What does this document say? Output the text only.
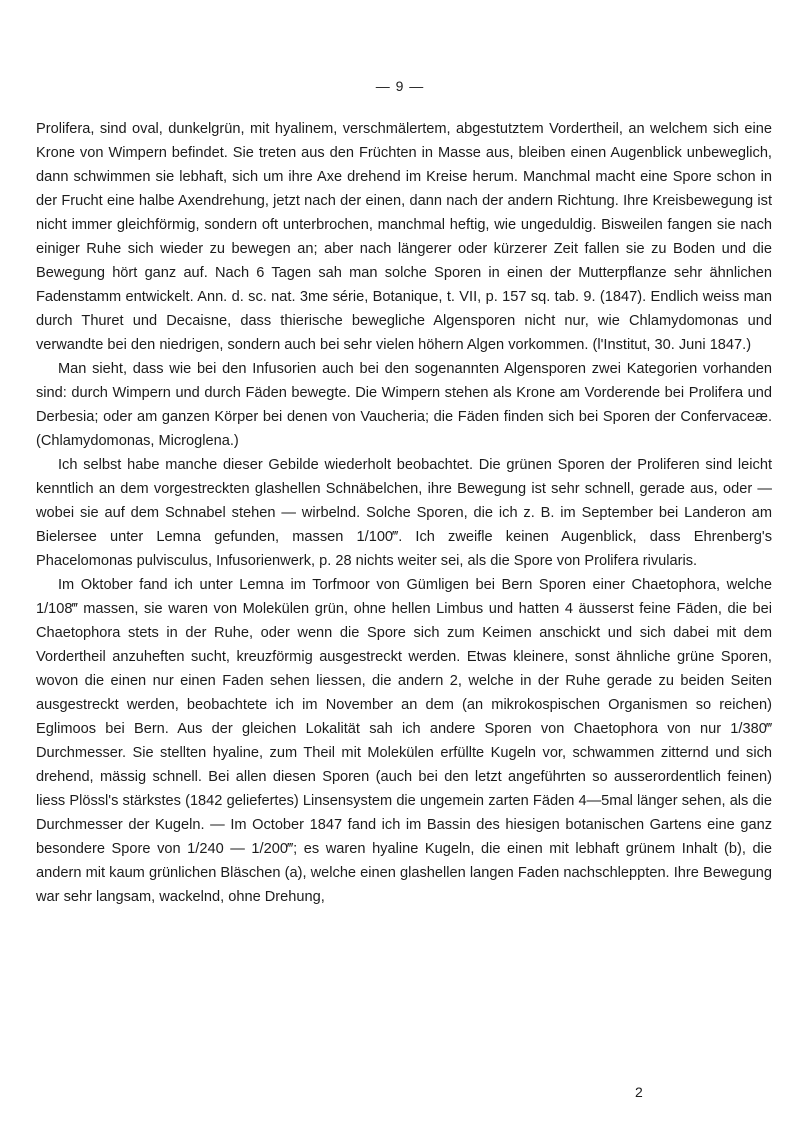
— 9 —

Prolifera, sind oval, dunkelgrün, mit hyalinem, verschmälertem, abgestutztem Vordertheil, an welchem sich eine Krone von Wimpern befindet. Sie treten aus den Früchten in Masse aus, bleiben einen Augenblick unbeweglich, dann schwimmen sie lebhaft, sich um ihre Axe drehend im Kreise herum. Manchmal macht eine Spore schon in der Frucht eine halbe Axendrehung, jetzt nach der einen, dann nach der andern Richtung. Ihre Kreisbewegung ist nicht immer gleichförmig, sondern oft unterbrochen, manchmal heftig, wie ungeduldig. Bisweilen fangen sie nach einiger Ruhe sich wieder zu bewegen an; aber nach längerer oder kürzerer Zeit fallen sie zu Boden und die Bewegung hört ganz auf. Nach 6 Tagen sah man solche Sporen in einen der Mutterpflanze sehr ähnlichen Fadenstamm entwickelt. Ann. d. sc. nat. 3me série, Botanique, t. VII, p. 157 sq. tab. 9. (1847). Endlich weiss man durch Thuret und Decaisne, dass thierische bewegliche Algensporen nicht nur, wie Chlamydomonas und verwandte bei den niedrigen, sondern auch bei sehr vielen höhern Algen vorkommen. (l'Institut, 30. Juni 1847.)

Man sieht, dass wie bei den Infusorien auch bei den sogenannten Algensporen zwei Kategorien vorhanden sind: durch Wimpern und durch Fäden bewegte. Die Wimpern stehen als Krone am Vorderende bei Prolifera und Derbesia; oder am ganzen Körper bei denen von Vaucheria; die Fäden finden sich bei Sporen der Confervaceæ. (Chlamydomonas, Microglena.)

Ich selbst habe manche dieser Gebilde wiederholt beobachtet. Die grünen Sporen der Proliferen sind leicht kenntlich an dem vorgestreckten glashellen Schnäbelchen, ihre Bewegung ist sehr schnell, gerade aus, oder — wobei sie auf dem Schnabel stehen — wirbelnd. Solche Sporen, die ich z. B. im September bei Landeron am Bielersee unter Lemna gefunden, massen 1/100‴. Ich zweifle keinen Augenblick, dass Ehrenberg's Phacelomonas pulvisculus, Infusorienwerk, p. 28 nichts weiter sei, als die Spore von Prolifera rivularis.

Im Oktober fand ich unter Lemna im Torfmoor von Gümligen bei Bern Sporen einer Chaetophora, welche 1/108‴ massen, sie waren von Molekülen grün, ohne hellen Limbus und hatten 4 äusserst feine Fäden, die bei Chaetophora stets in der Ruhe, oder wenn die Spore sich zum Keimen anschickt und sich dabei mit dem Vordertheil anzuheften sucht, kreuzförmig ausgestreckt werden. Etwas kleinere, sonst ähnliche grüne Sporen, wovon die einen nur einen Faden sehen liessen, die andern 2, welche in der Ruhe gerade zu beiden Seiten ausgestreckt werden, beobachtete ich im November an dem (an mikrokospischen Organismen so reichen) Eglimoos bei Bern. Aus der gleichen Lokalität sah ich andere Sporen von Chaetophora von nur 1/380‴ Durchmesser. Sie stellten hyaline, zum Theil mit Molekülen erfüllte Kugeln vor, schwammen zitternd und sich drehend, mässig schnell. Bei allen diesen Sporen (auch bei den letzt angeführten so ausserordentlich feinen) liess Plössl's stärkstes (1842 geliefertes) Linsensystem die ungemein zarten Fäden 4—5mal länger sehen, als die Durchmesser der Kugeln. — Im October 1847 fand ich im Bassin des hiesigen botanischen Gartens eine ganz besondere Spore von 1/240 — 1/200‴; es waren hyaline Kugeln, die einen mit lebhaft grünem Inhalt (b), die andern mit kaum grünlichen Bläschen (a), welche einen glashellen langen Faden nachschleppten. Ihre Bewegung war sehr langsam, wackelnd, ohne Drehung,

2
